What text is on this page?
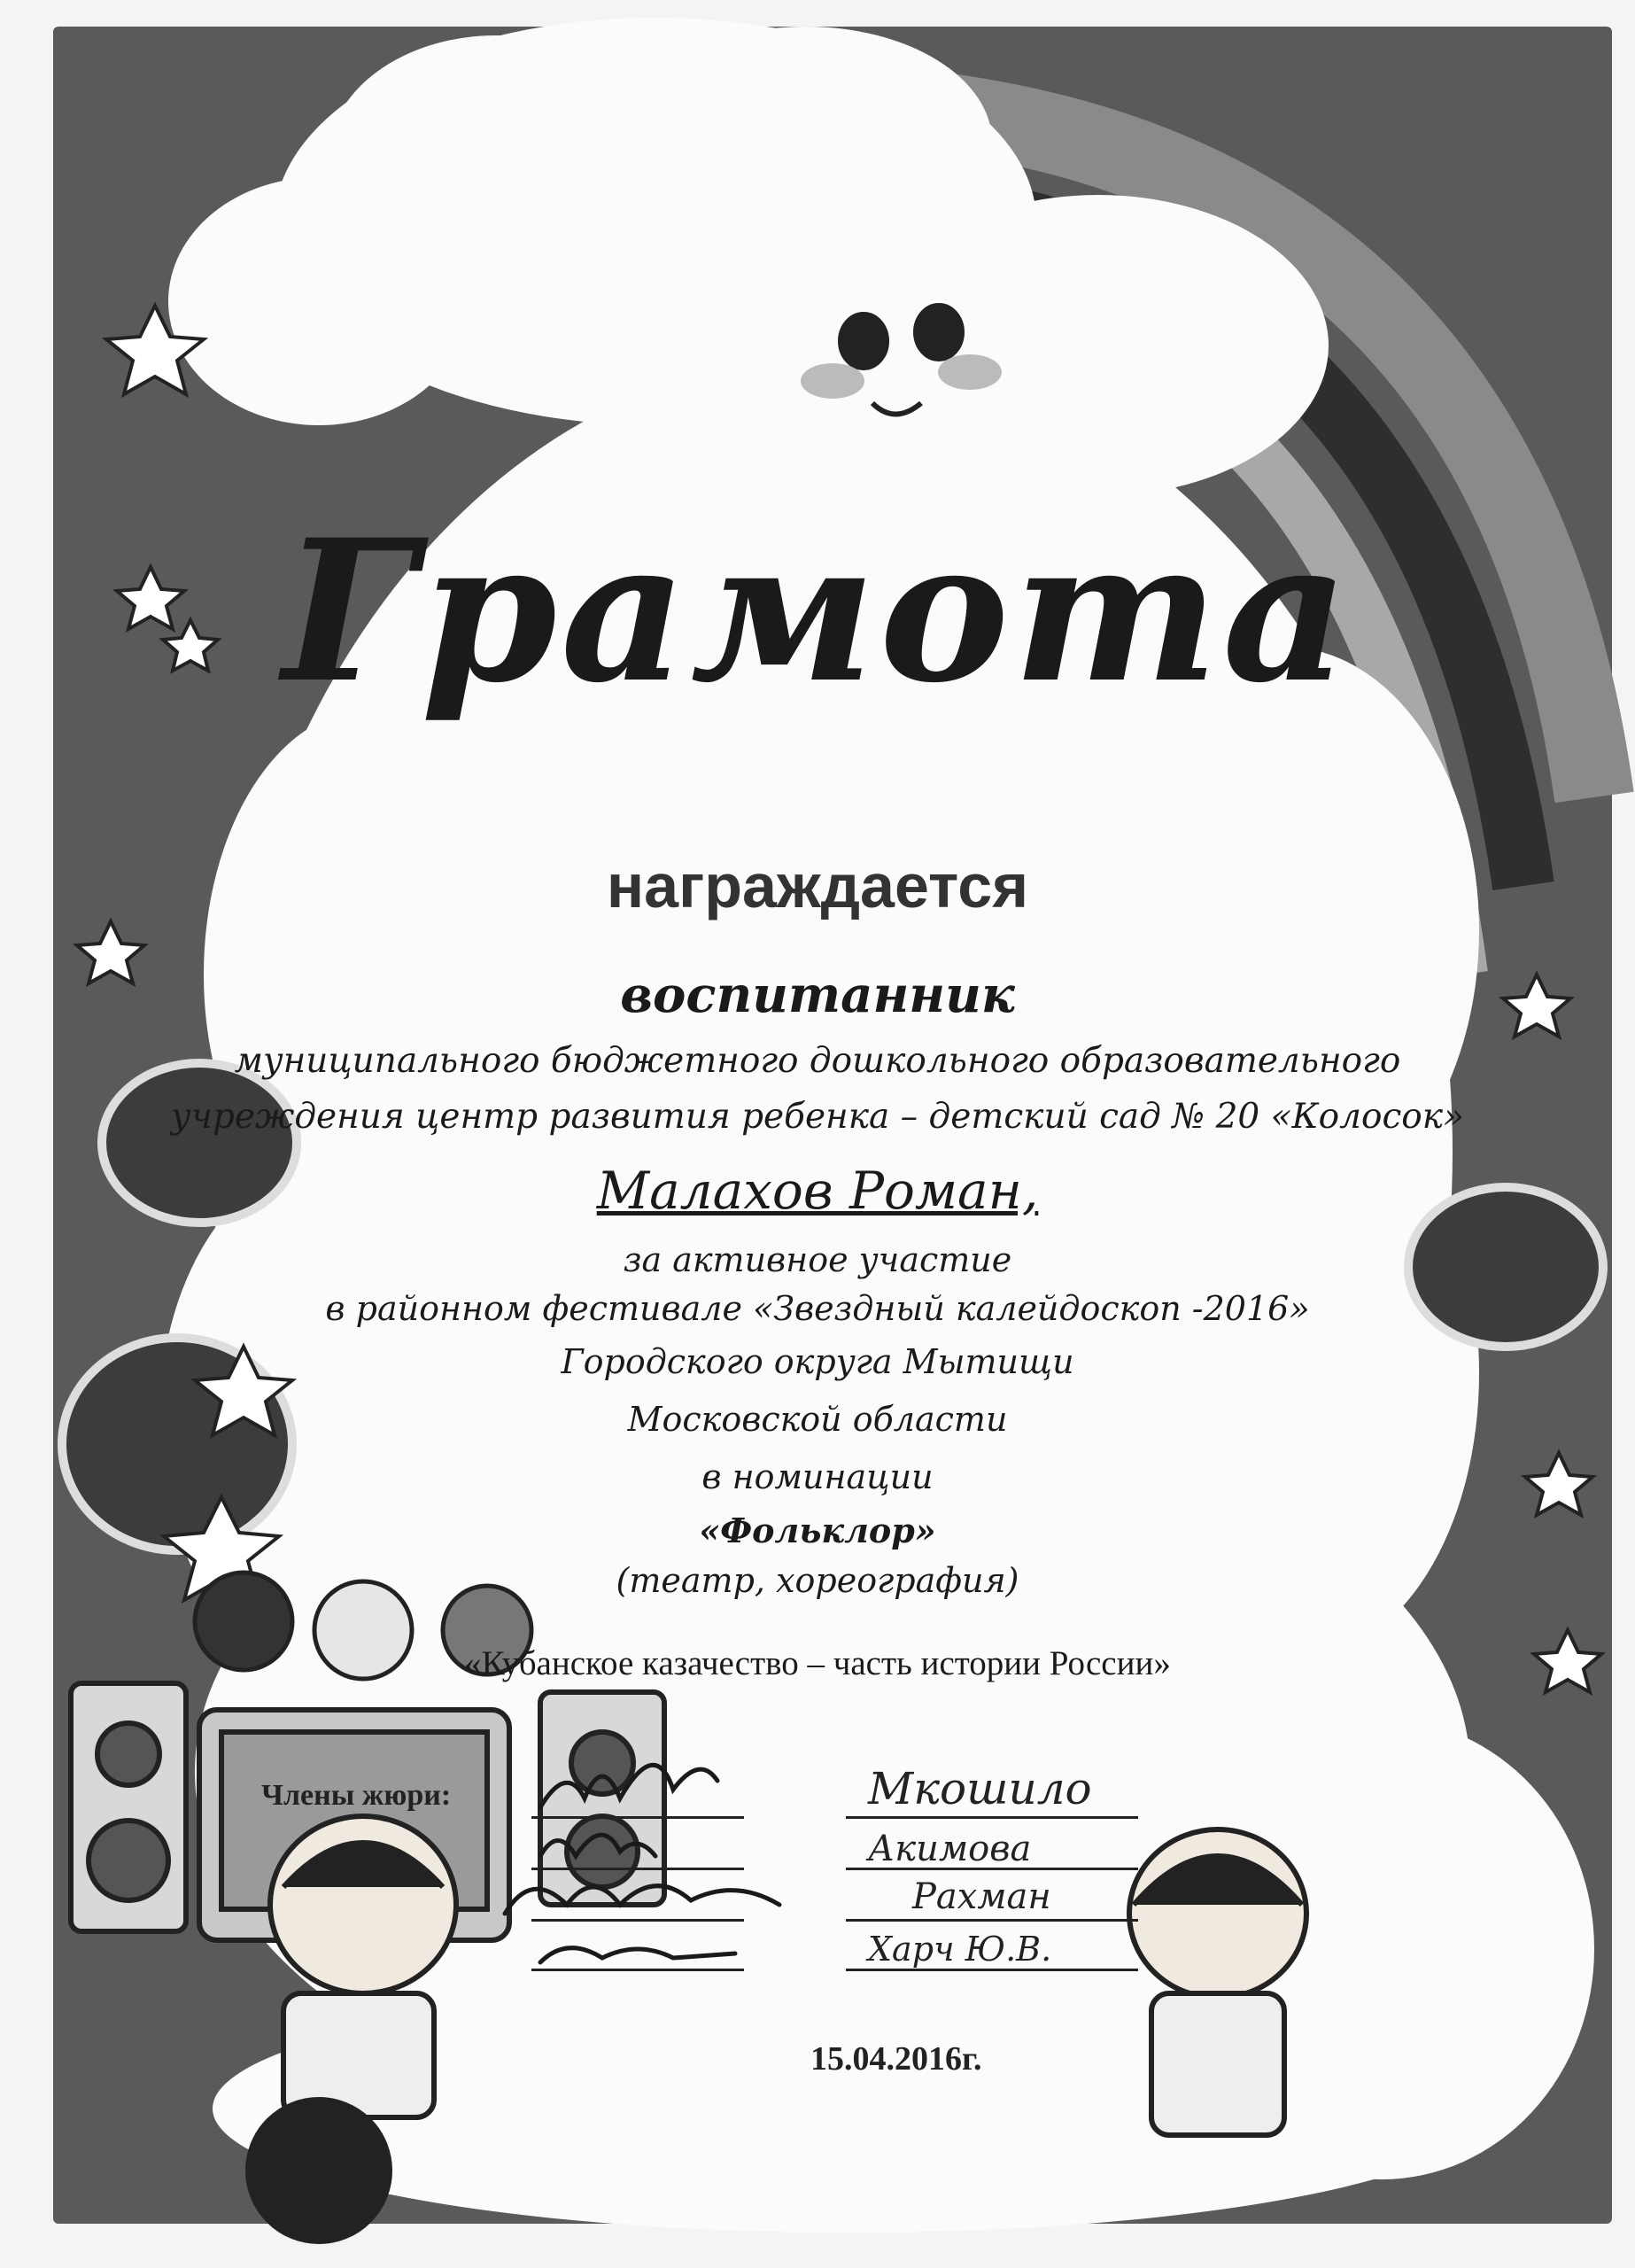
Грамота
награждается
воспитанник
муниципального бюджетного дошкольного образовательного
учреждения центр развития ребенка – детский сад № 20 «Колосок»
Малахов Роман,
за активное участие
в районном фестивале «Звездный калейдоскоп -2016»
Городского округа Мытищи
Московской области
в номинации
«Фольклор»
(театр, хореография)
«Кубанское казачество – часть истории России»
Члены жюри:	Мкошило
Акимова
Рахман
Харч Ю.В.
15.04.2016г.
